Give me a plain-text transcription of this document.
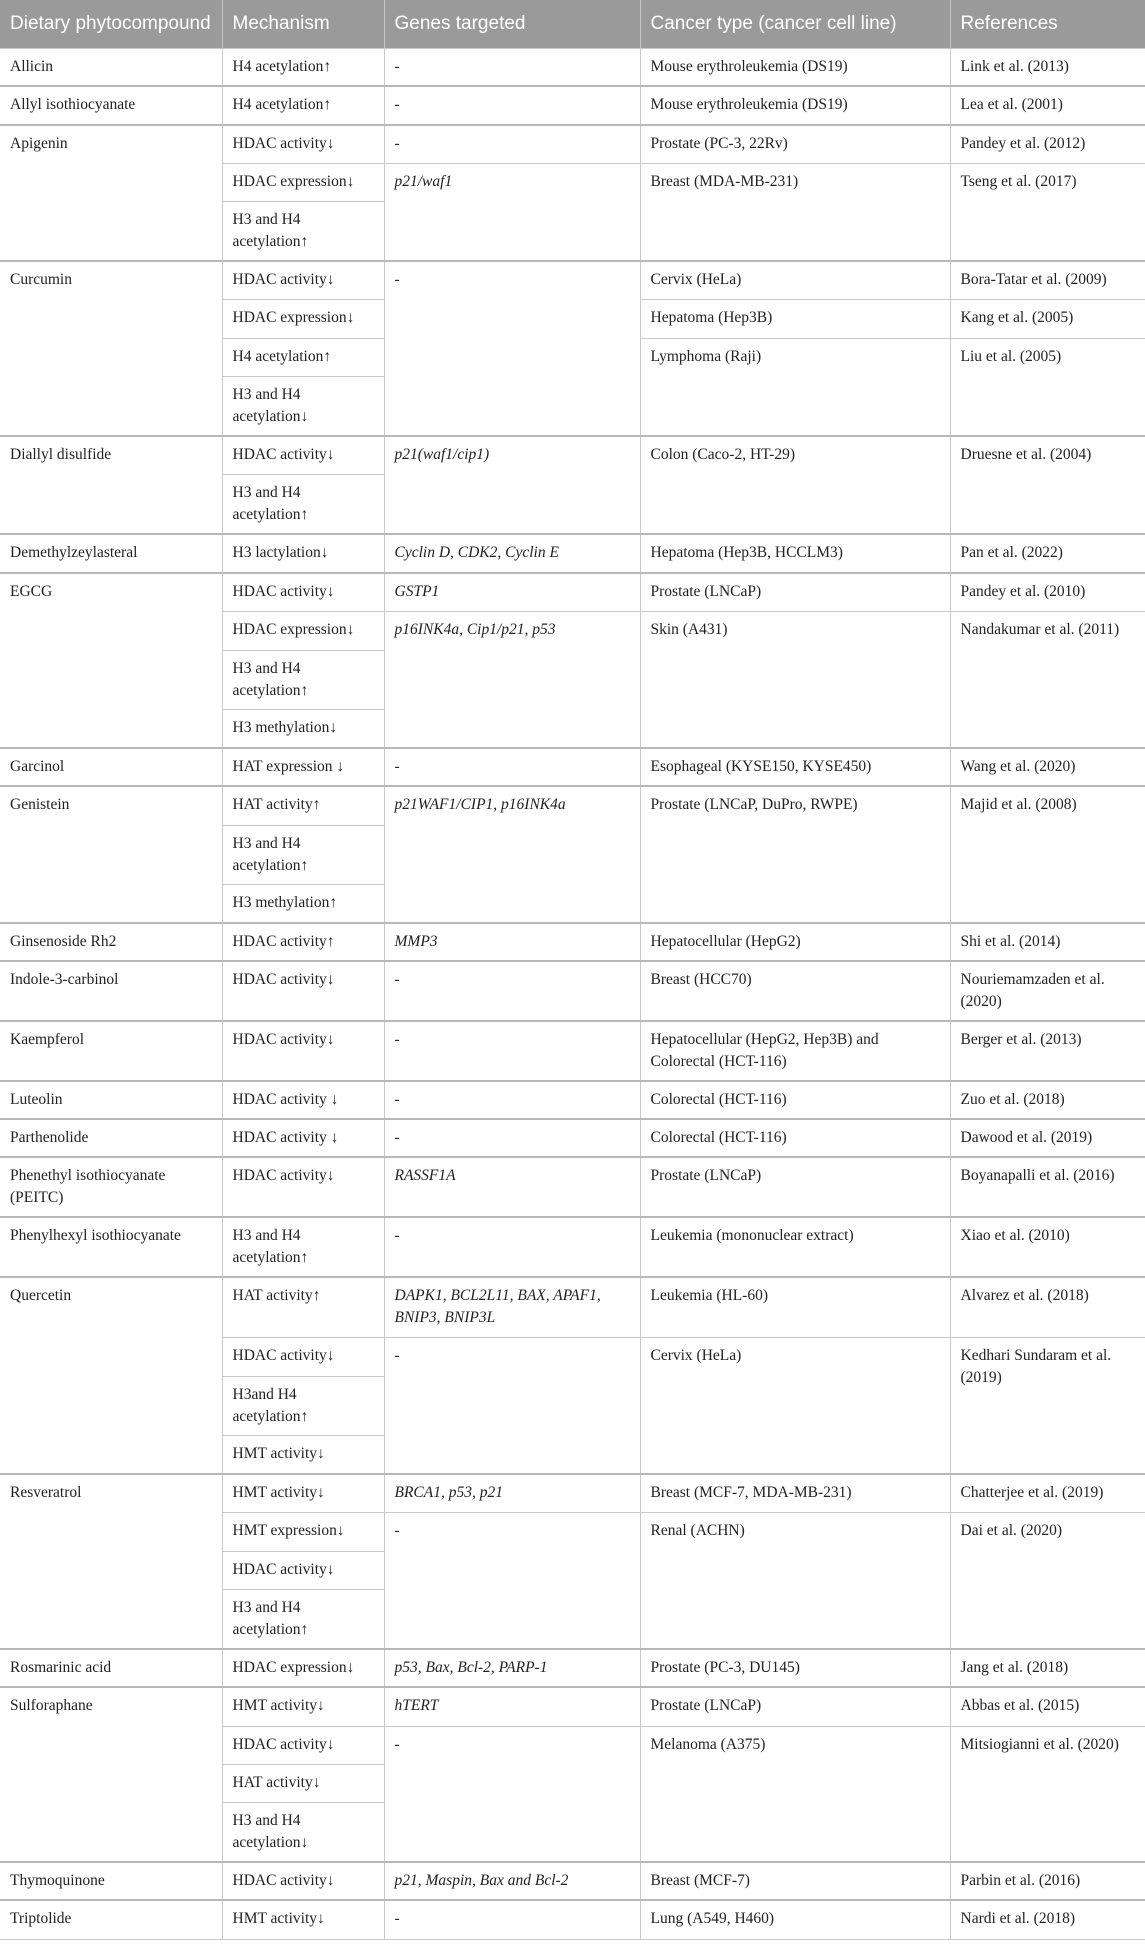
Dietary phytocompound	Mechanism	Genes targeted	Cancer type (cancer cell line)	References
Allicin	H4 acetylation↑	-	Mouse erythroleukemia (DS19)	Link et al. (2013)
Allyl isothiocyanate	H4 acetylation↑	-	Mouse erythroleukemia (DS19)	Lea et al. (2001)
Apigenin	HDAC activity↓	-	Prostate (PC-3, 22Rv)	Pandey et al. (2012)
	HDAC expression↓	p21/waf1	Breast (MDA-MB-231)	Tseng et al. (2017)
	H3 and H4 acetylation↑			
Curcumin	HDAC activity↓	-	Cervix (HeLa)	Bora-Tatar et al. (2009)
	HDAC expression↓		Hepatoma (Hep3B)	Kang et al. (2005)
	H4 acetylation↑		Lymphoma (Raji)	Liu et al. (2005)
	H3 and H4 acetylation↓			
Diallyl disulfide	HDAC activity↓	p21(waf1/cip1)	Colon (Caco-2, HT-29)	Druesne et al. (2004)
	H3 and H4 acetylation↑			
Demethylzeylasteral	H3 lactylation↓	Cyclin D, CDK2, Cyclin E	Hepatoma (Hep3B, HCCLM3)	Pan et al. (2022)
EGCG	HDAC activity↓	GSTP1	Prostate (LNCaP)	Pandey et al. (2010)
	HDAC expression↓	p16INK4a, Cip1/p21, p53	Skin (A431)	Nandakumar et al. (2011)
	H3 and H4 acetylation↑			
	H3 methylation↓			
Garcinol	HAT expression ↓	-	Esophageal (KYSE150, KYSE450)	Wang et al. (2020)
Genistein	HAT activity↑	p21WAF1/CIP1, p16INK4a	Prostate (LNCaP, DuPro, RWPE)	Majid et al. (2008)
	H3 and H4 acetylation↑			
	H3 methylation↑			
Ginsenoside Rh2	HDAC activity↑	MMP3	Hepatocellular (HepG2)	Shi et al. (2014)
Indole-3-carbinol	HDAC activity↓	-	Breast (HCC70)	Nouriemamzaden et al. (2020)
Kaempferol	HDAC activity↓	-	Hepatocellular (HepG2, Hep3B) and Colorectal (HCT-116)	Berger et al. (2013)
Luteolin	HDAC activity ↓	-	Colorectal (HCT-116)	Zuo et al. (2018)
Parthenolide	HDAC activity ↓	-	Colorectal (HCT-116)	Dawood et al. (2019)
Phenethyl isothiocyanate (PEITC)	HDAC activity↓	RASSF1A	Prostate (LNCaP)	Boyanapalli et al. (2016)
Phenylhexyl isothiocyanate	H3 and H4 acetylation↑	-	Leukemia (mononuclear extract)	Xiao et al. (2010)
Quercetin	HAT activity↑	DAPK1, BCL2L11, BAX, APAF1, BNIP3, BNIP3L	Leukemia (HL-60)	Alvarez et al. (2018)
	HDAC activity↓	-	Cervix (HeLa)	Kedhari Sundaram et al. (2019)
	H3and H4 acetylation↑			
	HMT activity↓			
Resveratrol	HMT activity↓	BRCA1, p53, p21	Breast (MCF-7, MDA-MB-231)	Chatterjee et al. (2019)
	HMT expression↓	-	Renal (ACHN)	Dai et al. (2020)
	HDAC activity↓			
	H3 and H4 acetylation↑			
Rosmarinic acid	HDAC expression↓	p53, Bax, Bcl-2, PARP-1	Prostate (PC-3, DU145)	Jang et al. (2018)
Sulforaphane	HMT activity↓	hTERT	Prostate (LNCaP)	Abbas et al. (2015)
	HDAC activity↓	-	Melanoma (A375)	Mitsiogianni et al. (2020)
	HAT activity↓			
	H3 and H4 acetylation↓			
Thymoquinone	HDAC activity↓	p21, Maspin, Bax and Bcl-2	Breast (MCF-7)	Parbin et al. (2016)
Triptolide	HMT activity↓	-	Lung (A549, H460)	Nardi et al. (2018)
